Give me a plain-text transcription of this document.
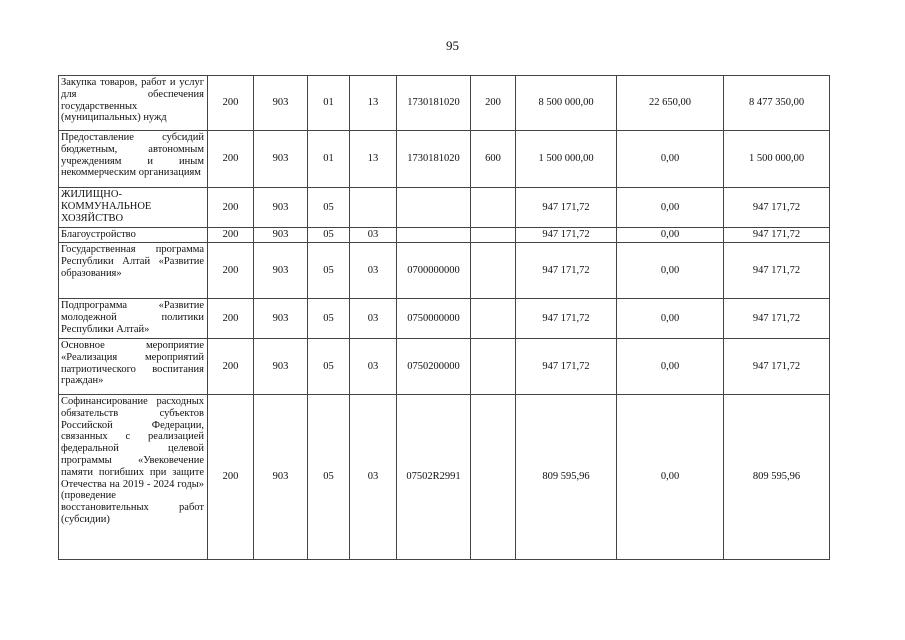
95
Закупка товаров, работ и услуг для обеспечения государственных (муниципальных) нужд	200	903	01	13	1730181020	200	8 500 000,00	22 650,00	8 477 350,00
Предоставление субсидий бюджетным, автономным учреждениям и иным некоммерческим организациям	200	903	01	13	1730181020	600	1 500 000,00	0,00	1 500 000,00
ЖИЛИЩНО-КОММУНАЛЬНОЕ ХОЗЯЙСТВО	200	903	05				947 171,72	0,00	947 171,72
Благоустройство	200	903	05	03			947 171,72	0,00	947 171,72
Государственная программа Республики Алтай «Развитие образования»	200	903	05	03	0700000000		947 171,72	0,00	947 171,72
Подпрограмма «Развитие молодежной политики Республики Алтай»	200	903	05	03	0750000000		947 171,72	0,00	947 171,72
Основное мероприятие «Реализация мероприятий патриотического воспитания граждан»	200	903	05	03	0750200000		947 171,72	0,00	947 171,72
Софинансирование расходных обязательств субъектов Российской Федерации, связанных с реализацией федеральной целевой программы «Увековечение памяти погибших при защите Отечества на 2019 - 2024 годы» (проведение восстановительных работ (субсидии)	200	903	05	03	07502R2991		809 595,96	0,00	809 595,96
